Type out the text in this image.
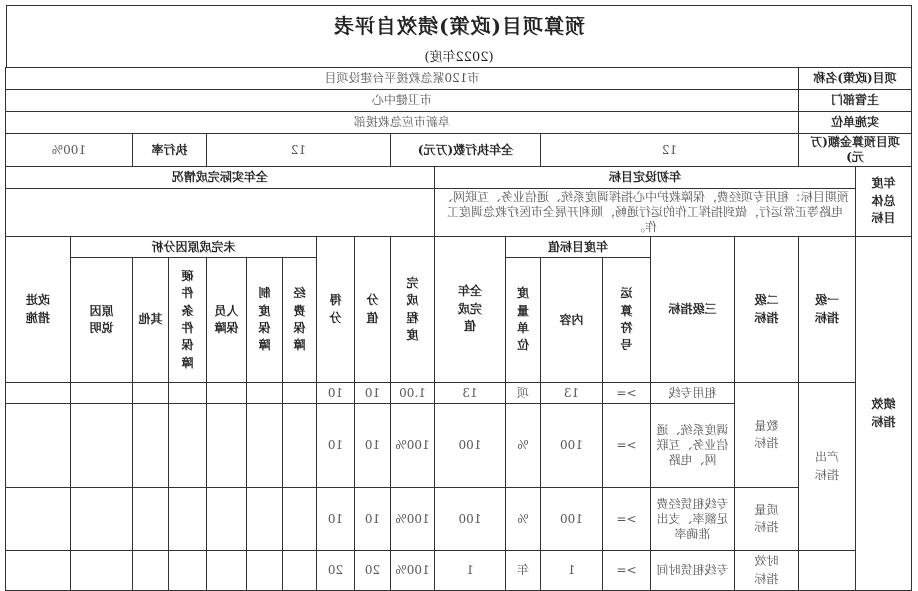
预算项目(政策)绩效自评表
(2022年度)
项目(政策)名称		市120紧急救援平台建设项目															
主管部门		市卫健中心															
实施单位		阜新市应急救援部															
项目预算金额(万元)		12				全年执行数(万元)			12					执行率		100%	
年度总体目标	年初设定目标							全年实际完成情况									
	预期目标：租用专项经费，保障救护中心指挥调度系统、通信业务、互联网、电路等正常运行，做到指挥工作的运行通畅，顺利开展全市医疗救急调度工作。																
绩效指标	一级指标	二级指标	三级指标	年度目标值			全年完成值	完成程度	分值	得分	未完成原因分析						改进措施
				运算符号	内容	度量单位					经费保障	制度保障	人员保障	硬件条件保障	其他	原因说明	
	产出指标	数量指标	租用专线	>=	13	项	13	1.00	10	10							
			调度系统、通信业务、互联网、电路	>=	100	%	100	100%	10	10							
		质量指标	专线租赁经费足额率、支出准确率	>=	100	%	100	100%	10	10							
		时效指标	专线租赁时间	>=	1	年	1	100%	20	20							
